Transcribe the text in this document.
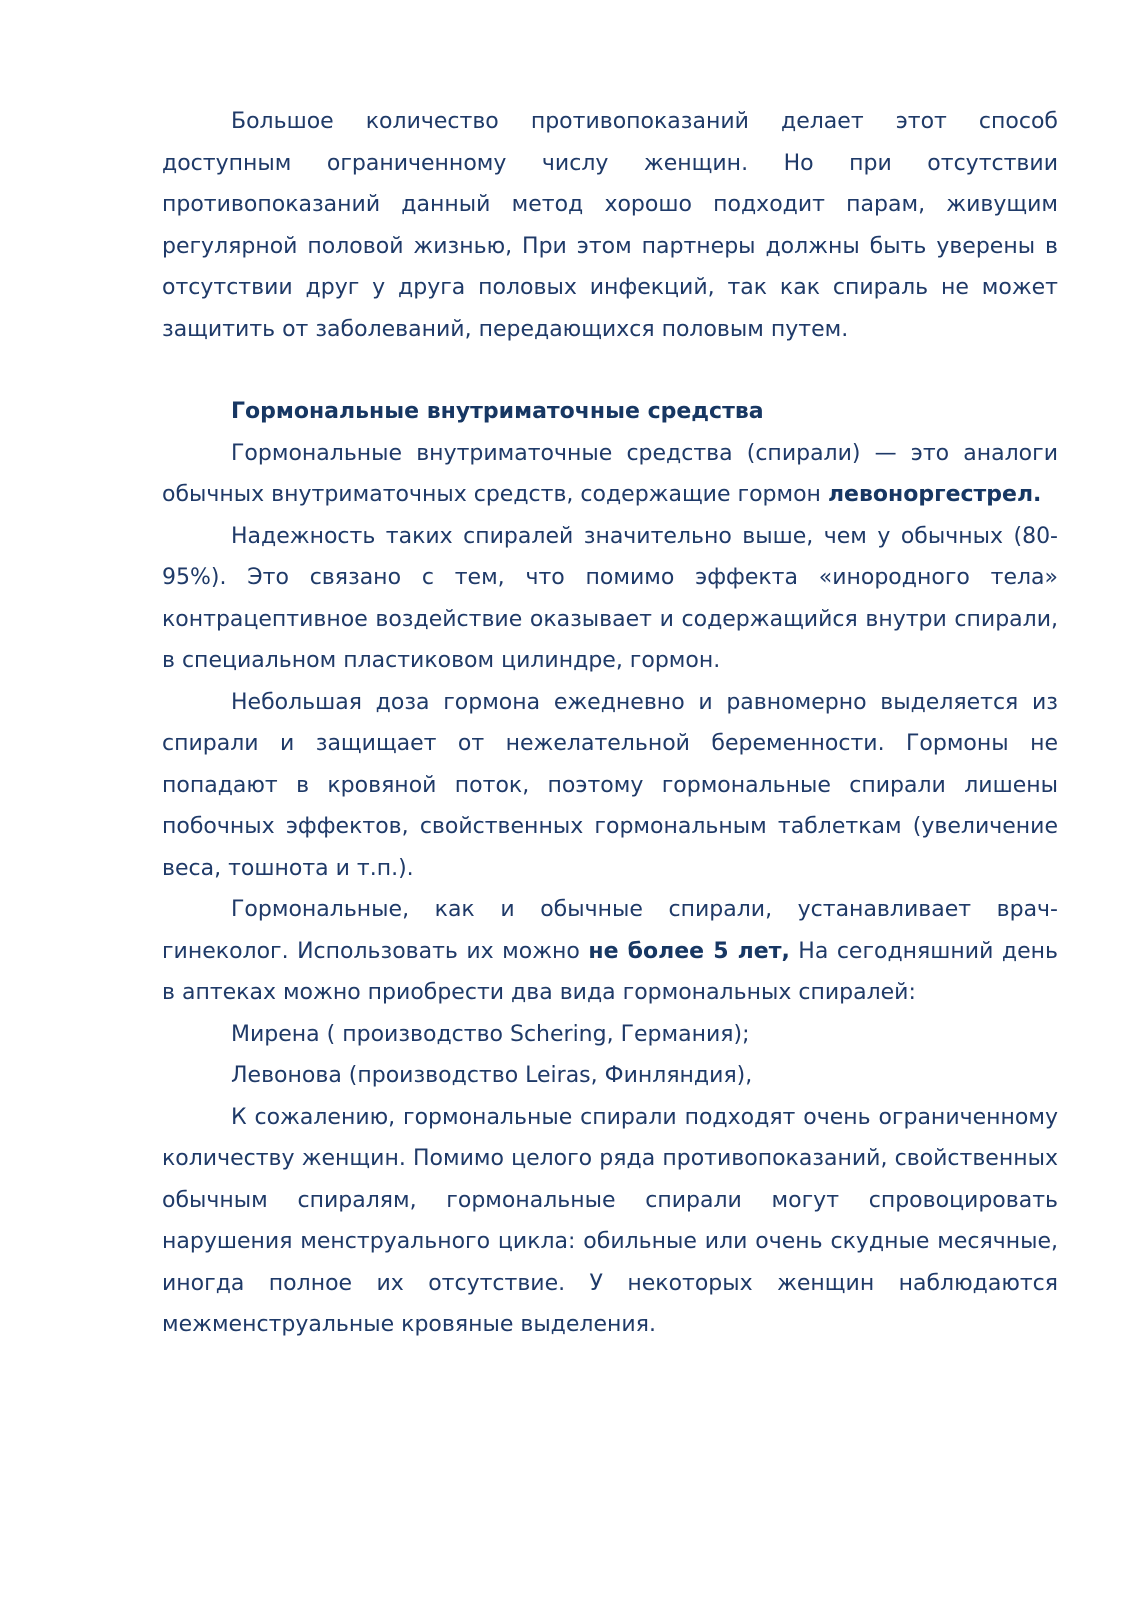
Большое количество противопоказаний делает этот способ доступным ограниченному числу женщин. Но при отсутствии противопоказаний данный метод хорошо подходит парам, живущим регулярной половой жизнью, При этом партнеры должны быть уверены в отсутствии друг у друга половых инфекций, так как спираль не может защитить от заболеваний, передающихся половым путем.

Гормональные внутриматочные средства

Гормональные внутриматочные средства (спирали) — это аналоги обычных внутриматочных средств, содержащие гормон левоноргестрел.

Надежность таких спиралей значительно выше, чем у обычных (80-95%). Это связано с тем, что помимо эффекта «инородного тела» контрацептивное воздействие оказывает и содержащийся внутри спирали, в специальном пластиковом цилиндре, гормон.

Небольшая доза гормона ежедневно и равномерно выделяется из спирали и защищает от нежелательной беременности. Гормоны не попадают в кровяной поток, поэтому гормональные спирали лишены побочных эффектов, свойственных гормональным таблеткам (увеличение веса, тошнота и т.п.).

Гормональные, как и обычные спирали, устанавливает врач-гинеколог. Использовать их можно не более 5 лет, На сегодняшний день в аптеках можно приобрести два вида гормональных спиралей:

Мирена ( производство Schering, Германия);

Левонова (производство Leiras, Финляндия),

К сожалению, гормональные спирали подходят очень ограниченному количеству женщин. Помимо целого ряда противопоказаний, свойственных обычным спиралям, гормональные спирали могут спровоцировать нарушения менструального цикла: обильные или очень скудные месячные, иногда полное их отсутствие. У некоторых женщин наблюдаются межменструальные кровяные выделения.
